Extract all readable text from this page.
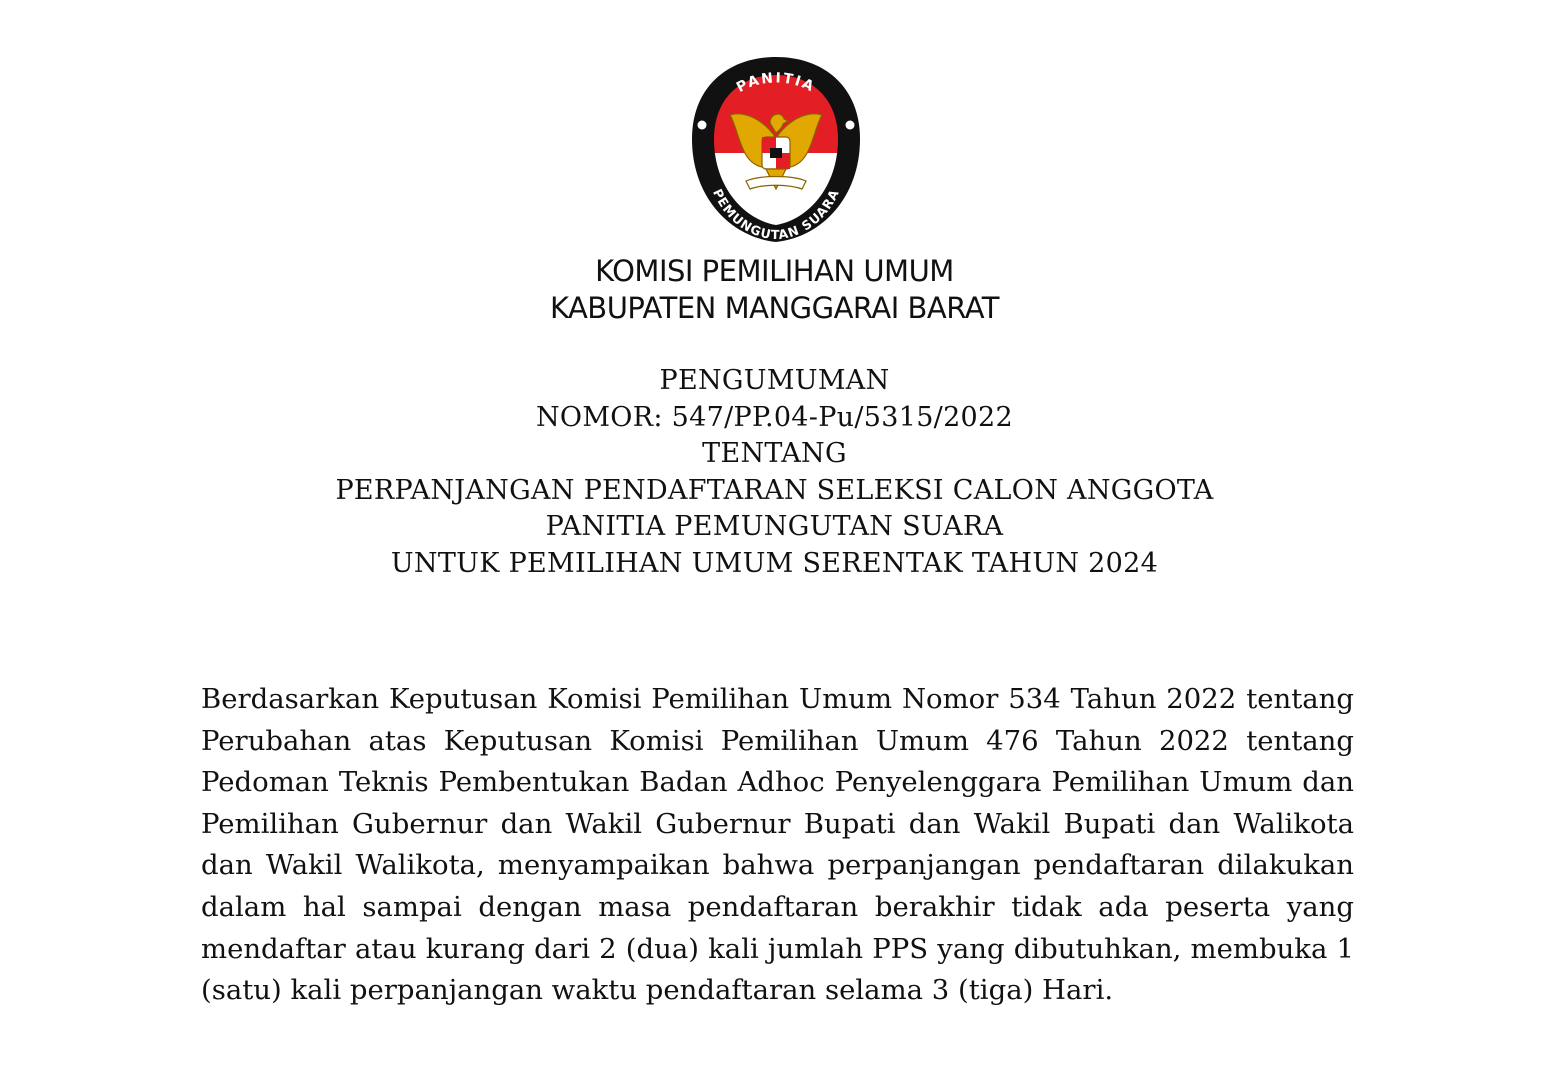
PANITIA
PEMUNGUTAN SUARA
KOMISI PEMILIHAN UMUM
KABUPATEN MANGGARAI BARAT
PENGUMUMAN
NOMOR: 547/PP.04-Pu/5315/2022
TENTANG
PERPANJANGAN PENDAFTARAN SELEKSI CALON ANGGOTA
PANITIA PEMUNGUTAN SUARA
UNTUK PEMILIHAN UMUM SERENTAK TAHUN 2024

Berdasarkan Keputusan Komisi Pemilihan Umum Nomor 534 Tahun 2022 tentang Perubahan atas Keputusan Komisi Pemilihan Umum 476 Tahun 2022 tentang Pedoman Teknis Pembentukan Badan Adhoc Penyelenggara Pemilihan Umum dan Pemilihan Gubernur dan Wakil Gubernur Bupati dan Wakil Bupati dan Walikota dan Wakil Walikota, menyampaikan bahwa perpanjangan pendaftaran dilakukan dalam hal sampai dengan masa pendaftaran berakhir tidak ada peserta yang mendaftar atau kurang dari 2 (dua) kali jumlah PPS yang dibutuhkan, membuka 1 (satu) kali perpanjangan waktu pendaftaran selama 3 (tiga) Hari.
